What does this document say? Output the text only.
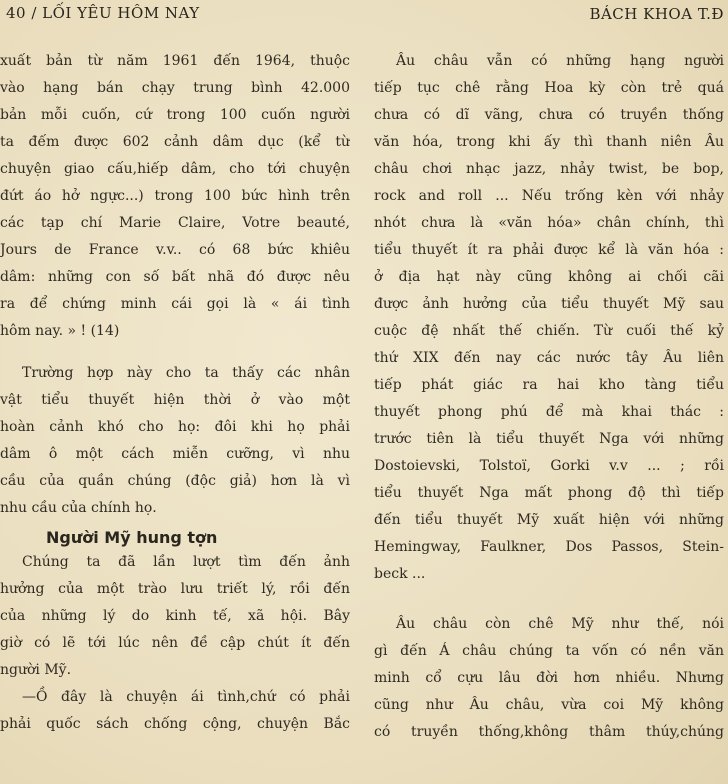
40 / LỐI YÊU HÔM NAY	BÁCH KHOA T.Đ
xuất bản từ năm 1961 đến 1964, thuộc
vào hạng bán chạy trung bình 42.000
bản mỗi cuốn, cứ trong 100 cuốn người
ta đếm được 602 cảnh dâm dục (kể từ
chuyện giao cấu,hiếp dâm, cho tới chuyện
đứt áo hở ngực...) trong 100 bức hình trên
các tạp chí Marie Claire, Votre beauté,
Jours de France v.v.. có 68 bức khiêu
dâm: những con số bất nhã đó được nêu
ra để chứng minh cái gọi là « ái tình
hôm nay. » ! (14)
Trường hợp này cho ta thấy các nhân
vật tiểu thuyết hiện thời ở vào một
hoàn cảnh khó cho họ: đôi khi họ phải
dâm ô một cách miễn cưỡng, vì nhu
cầu của quần chúng (độc giả) hơn là vì
nhu cầu của chính họ.
Người Mỹ hung tợn
Chúng ta đã lần lượt tìm đến ảnh
hưởng của một trào lưu triết lý, rồi đến
của những lý do kinh tế, xã hội. Bây
giờ có lẽ tới lúc nên đề cập chút ít đến
người Mỹ.
—Ồ đây là chuyện ái tình,chứ có phải
phải quốc sách chống cộng, chuyện Bắc
Âu châu vẫn có những hạng người
tiếp tục chê rằng Hoa kỳ còn trẻ quá
chưa có dĩ vãng, chưa có truyền thống
văn hóa, trong khi ấy thì thanh niên Âu
châu chơi nhạc jazz, nhảy twist, be bop,
rock and roll ... Nếu trống kèn với nhảy
nhót chưa là «văn hóa» chân chính, thì
tiểu thuyết ít ra phải được kể là văn hóa :
ở địa hạt này cũng không ai chối cãi
được ảnh hưởng của tiểu thuyết Mỹ sau
cuộc đệ nhất thế chiến. Từ cuối thế kỷ
thứ XIX đến nay các nước tây Âu liên
tiếp phát giác ra hai kho tàng tiểu
thuyết phong phú để mà khai thác :
trước tiên là tiểu thuyết Nga với những
Dostoievski, Tolstoï, Gorki v.v ... ; rồi
tiểu thuyết Nga mất phong độ thì tiếp
đến tiểu thuyết Mỹ xuất hiện với những
Hemingway, Faulkner, Dos Passos, Stein-
beck ...
Âu châu còn chê Mỹ như thế, nói
gì đến Á châu chúng ta vốn có nền văn
minh cổ cựu lâu đời hơn nhiều. Nhưng
cũng như Âu châu, vừa coi Mỹ không
có truyền thống,không thâm thúy,chúng
